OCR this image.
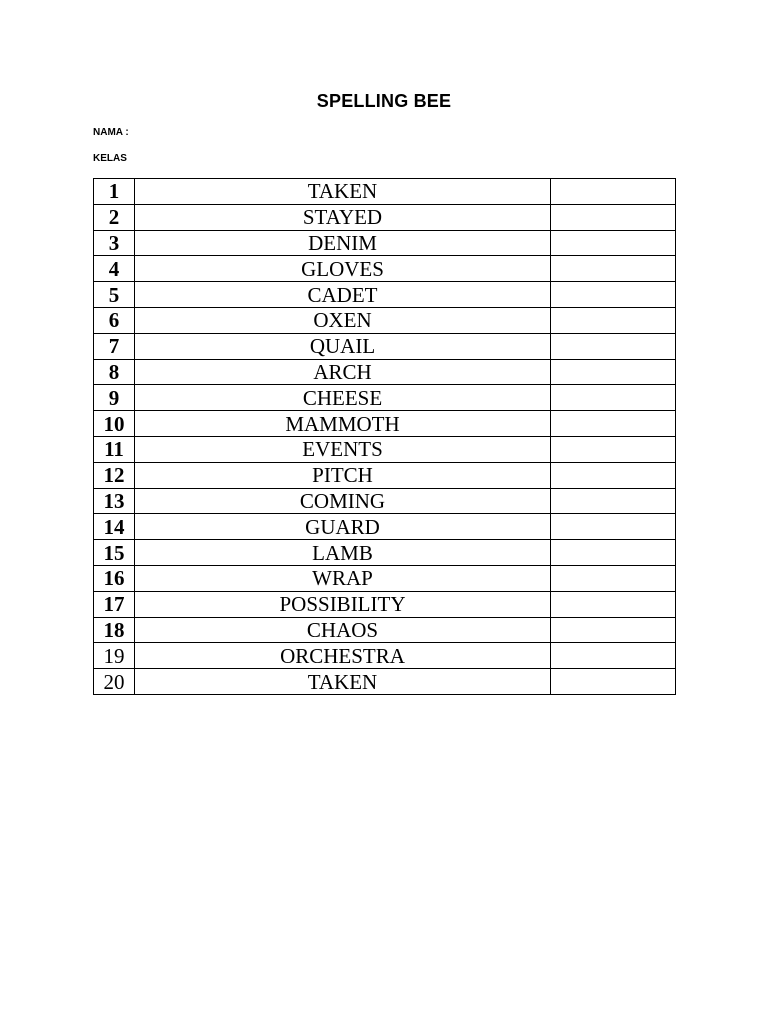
SPELLING BEE
NAMA :
KELAS
1	TAKEN	
2	STAYED	
3	DENIM	
4	GLOVES	
5	CADET	
6	OXEN	
7	QUAIL	
8	ARCH	
9	CHEESE	
10	MAMMOTH	
11	EVENTS	
12	PITCH	
13	COMING	
14	GUARD	
15	LAMB	
16	WRAP	
17	POSSIBILITY	
18	CHAOS	
19	ORCHESTRA	
20	TAKEN	
